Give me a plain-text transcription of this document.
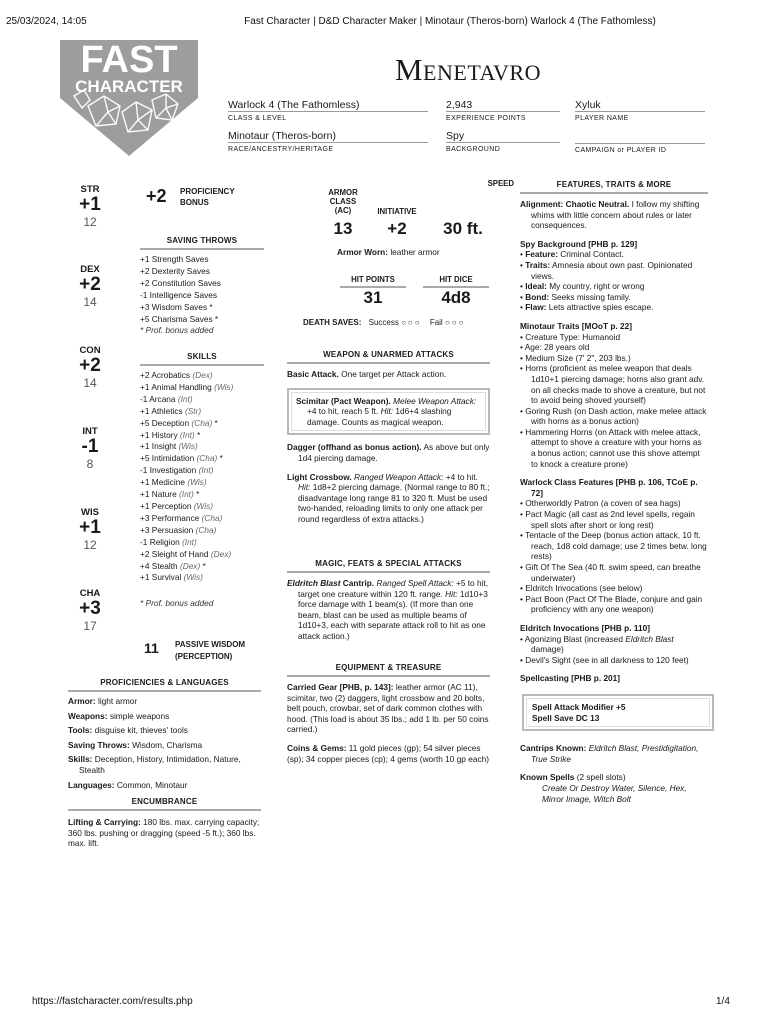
25/03/2024, 14:05	Fast Character | D&D Character Maker | Minotaur (Theros-born) Warlock 4 (The Fathomless)
https://fastcharacter.com/results.php	1/4
FAST
CHARACTER	Menetavro
Warlock 4 (The Fathomless)
CLASS & LEVEL
2,943
EXPERIENCE POINTS
Xyluk
PLAYER NAME
Minotaur (Theros-born)
RACE/ANCESTRY/HERITAGE
Spy
BACKGROUND	CAMPAIGN or PLAYER ID
STR
+1
12
DEX
+2
14
CON
+2
14
INT
-1
8
WIS
+1
12
CHA
+3
17
+2 PROFICIENCY
BONUS
SAVING THROWS
+1 Strength Saves
+2 Dexterity Saves
+2 Constitution Saves
-1 Intelligence Saves
+3 Wisdom Saves *
+5 Charisma Saves *
* Prof. bonus added
SKILLS
+2 Acrobatics (Dex)
+1 Animal Handling (Wis)
-1 Arcana (Int)
+1 Athletics (Str)
+5 Deception (Cha) *
+1 History (Int) *
+1 Insight (Wis)
+5 Intimidation (Cha) *
-1 Investigation (Int)
+1 Medicine (Wis)
+1 Nature (Int) *
+1 Perception (Wis)
+3 Performance (Cha)
+3 Persuasion (Cha)
-1 Religion (Int)
+2 Sleight of Hand (Dex)
+4 Stealth (Dex) *
+1 Survival (Wis)
* Prof. bonus added
11 PASSIVE WISDOM
(PERCEPTION)
PROFICIENCIES & LANGUAGES
Armor: light armor
Weapons: simple weapons
Tools: disguise kit, thieves' tools
Saving Throws: Wisdom, Charisma
Skills: Deception, History, Intimidation, Nature, Stealth
Languages: Common, Minotaur
ENCUMBRANCE
Lifting & Carrying: 180 lbs. max. carrying capacity; 360 lbs. pushing or dragging (speed -5 ft.); 360 lbs. max. lift.
ARMOR CLASS (AC)
13
INITIATIVE
+2
SPEED
30 ft.
Armor Worn: leather armor
HIT POINTS
31
HIT DICE
4d8
DEATH SAVES: Success ○○○ Fail ○○○
WEAPON & UNARMED ATTACKS
Basic Attack. One target per Attack action.
Scimitar (Pact Weapon). Melee Weapon Attack: +4 to hit, reach 5 ft. Hit: 1d6+4 slashing damage. Counts as magical weapon.
Dagger (offhand as bonus action). As above but only 1d4 piercing damage.
Light Crossbow. Ranged Weapon Attack: +4 to hit. Hit: 1d8+2 piercing damage. (Normal range to 80 ft.; disadvantage long range 81 to 320 ft. Must be used two-handed, reloading limits to only one attack per round regardless of extra attacks.)
MAGIC, FEATS & SPECIAL ATTACKS
Eldritch Blast Cantrip. Ranged Spell Attack: +5 to hit, target one creature within 120 ft. range. Hit: 1d10+3 force damage with 1 beam(s). (If more than one beam, blast can be used as multiple beams of 1d10+3, each with separate attack roll to hit as one attack action.)
EQUIPMENT & TREASURE
Carried Gear [PHB, p. 143]: leather armor (AC 11), scimitar, two (2) daggers, light crossbow and 20 bolts, belt pouch, crowbar, set of dark common clothes with hood. (This load is about 35 lbs.; add 1 lb. per 50 coins carried.)
Coins & Gems: 11 gold pieces (gp); 54 silver pieces (sp); 34 copper pieces (cp); 4 gems (worth 10 gp each)
FEATURES, TRAITS & MORE
Alignment: Chaotic Neutral. I follow my shifting whims with little concern about rules or later consequences.
Spy Background [PHB p. 129]
• Feature: Criminal Contact.
• Traits: Amnesia about own past. Opinionated views.
• Ideal: My country, right or wrong
• Bond: Seeks missing family.
• Flaw: Lets attractive spies escape.
Minotaur Traits [MOoT p. 22]
• Creature Type: Humanoid
• Age: 28 years old
• Medium Size (7' 2", 203 lbs.)
• Horns (proficient as melee weapon that deals 1d10+1 piercing damage; horns also grant adv. on all checks made to shove a creature, but not to avoid being shoved yourself)
• Goring Rush (on Dash action, make melee attack with horns as a bonus action)
• Hammering Horns (on Attack with melee attack, attempt to shove a creature with your horns as a bonus action; cannot use this shove attempt to knock a creature prone)
Warlock Class Features [PHB p. 106, TCoE p. 72]
• Otherworldly Patron (a coven of sea hags)
• Pact Magic (all cast as 2nd level spells, regain spell slots after short or long rest)
• Tentacle of the Deep (bonus action attack, 10 ft. reach, 1d8 cold damage; use 2 times betw. long rests)
• Gift Of The Sea (40 ft. swim speed, can breathe underwater)
• Eldritch Invocations (see below)
• Pact Boon (Pact Of The Blade, conjure and gain proficiency with any one weapon)
Eldritch Invocations [PHB p. 110]
• Agonizing Blast (increased Eldritch Blast damage)
• Devil's Sight (see in all darkness to 120 feet)
Spellcasting [PHB p. 201]
Spell Attack Modifier +5
Spell Save DC 13
Cantrips Known: Eldritch Blast, Prestidigitation, True Strike
Known Spells (2 spell slots)
Create Or Destroy Water, Silence, Hex, Mirror Image, Witch Bolt
